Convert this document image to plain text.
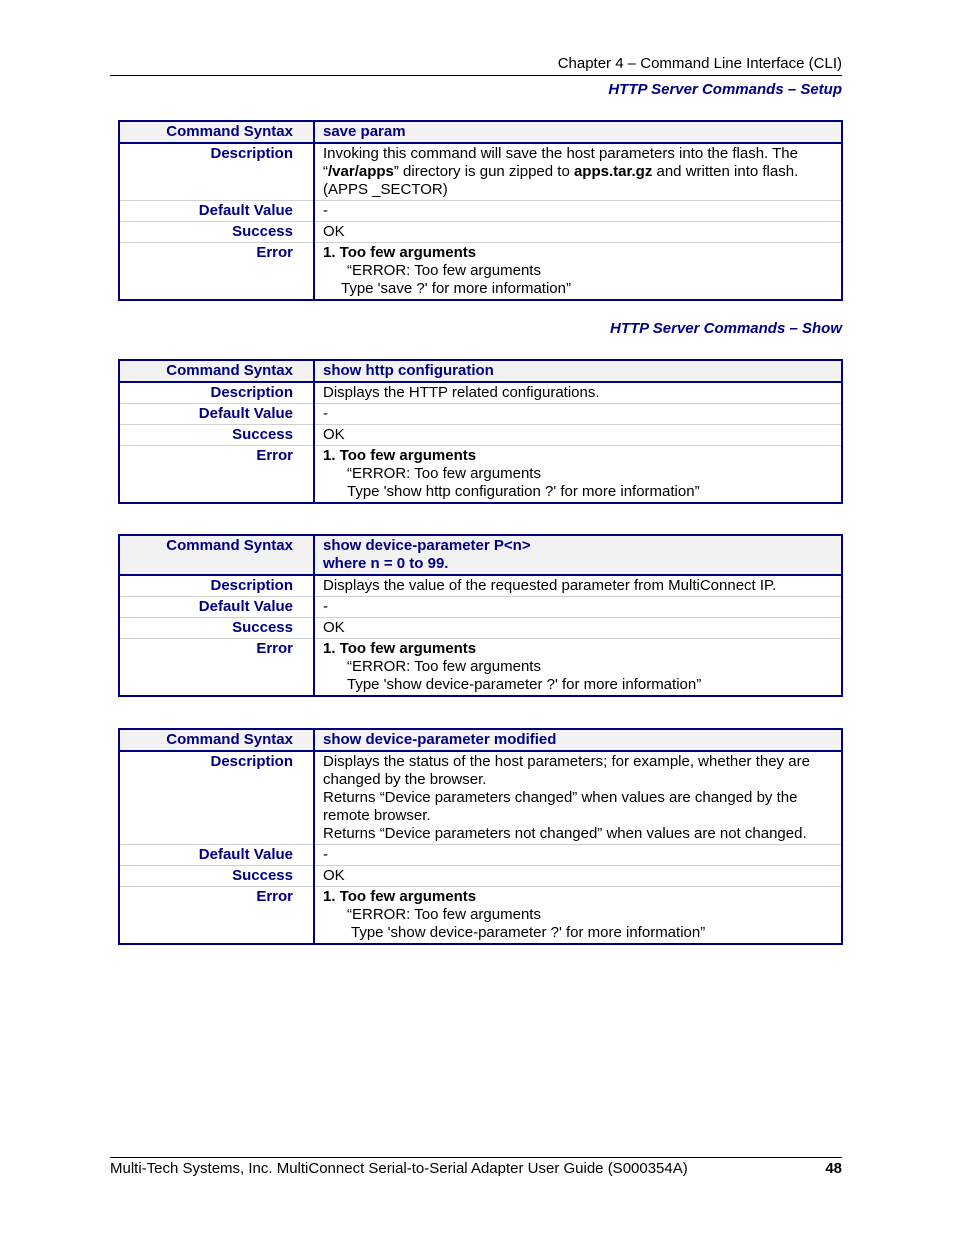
Chapter 4 – Command Line Interface (CLI)
HTTP Server Commands – Setup
Command Syntax	save param
Description	Invoking this command will save the host parameters into the flash. The “/var/apps” directory is gun zipped to apps.tar.gz and written into flash. (APPS _SECTOR)
Default Value	-
Success	OK
Error	1. Too few arguments
“ERROR: Too few arguments
Type 'save ?' for more information”
HTTP Server Commands – Show
Command Syntax	show http configuration
Description	Displays the HTTP related configurations.
Default Value	-
Success	OK
Error	1. Too few arguments
“ERROR: Too few arguments
Type 'show http configuration ?' for more information”
Command Syntax	show device-parameter P<n>
where n = 0 to 99.

Description	Displays the value of the requested parameter from MultiConnect IP.
Default Value	-
Success	OK
Error	1. Too few arguments
“ERROR: Too few arguments
Type 'show device-parameter ?' for more information”
Command Syntax	show device-parameter modified
Description	Displays the status of the host parameters; for example, whether they are changed by the browser.
Returns “Device parameters changed” when values are changed by the remote browser.
Returns “Device parameters not changed” when values are not changed.

Default Value	-
Success	OK
Error	1. Too few arguments
“ERROR: Too few arguments
Type 'show device-parameter ?' for more information”
Multi-Tech Systems, Inc. MultiConnect Serial-to-Serial Adapter User Guide (S000354A)	48
